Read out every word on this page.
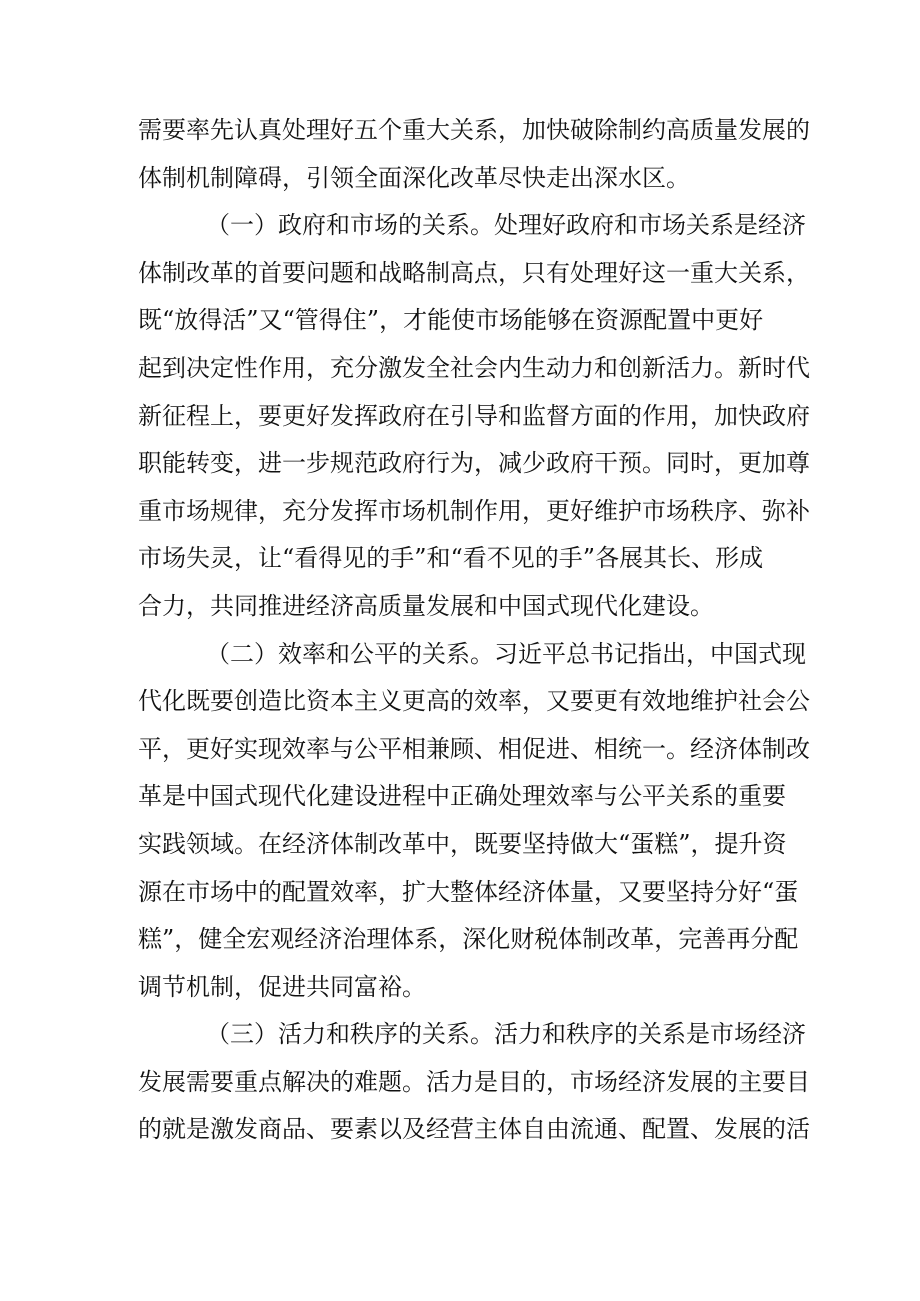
需要率先认真处理好五个重大关系，加快破除制约高质量发展的
体制机制障碍，引领全面深化改革尽快走出深水区。
（一）政府和市场的关系。处理好政府和市场关系是经济
体制改革的首要问题和战略制高点，只有处理好这一重大关系，
既“放得活”又“管得住”，才能使市场能够在资源配置中更好
起到决定性作用，充分激发全社会内生动力和创新活力。新时代
新征程上，要更好发挥政府在引导和监督方面的作用，加快政府
职能转变，进一步规范政府行为，减少政府干预。同时，更加尊
重市场规律，充分发挥市场机制作用，更好维护市场秩序、弥补
市场失灵，让“看得见的手”和“看不见的手”各展其长、形成
合力，共同推进经济高质量发展和中国式现代化建设。
（二）效率和公平的关系。习近平总书记指出，中国式现
代化既要创造比资本主义更高的效率，又要更有效地维护社会公
平，更好实现效率与公平相兼顾、相促进、相统一。经济体制改
革是中国式现代化建设进程中正确处理效率与公平关系的重要
实践领域。在经济体制改革中，既要坚持做大“蛋糕”，提升资
源在市场中的配置效率，扩大整体经济体量，又要坚持分好“蛋
糕”，健全宏观经济治理体系，深化财税体制改革，完善再分配
调节机制，促进共同富裕。
（三）活力和秩序的关系。活力和秩序的关系是市场经济
发展需要重点解决的难题。活力是目的，市场经济发展的主要目
的就是激发商品、要素以及经营主体自由流通、配置、发展的活
